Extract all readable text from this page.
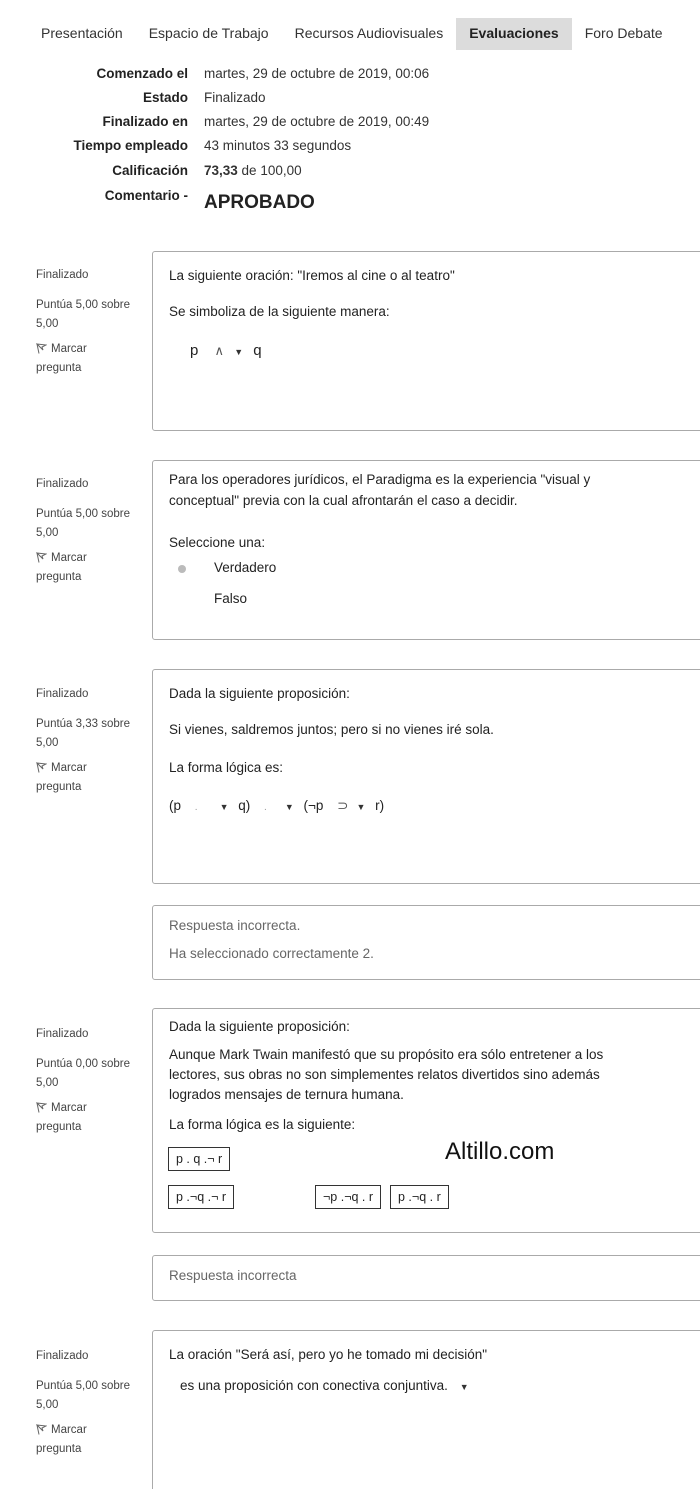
Presentación	Espacio de Trabajo	Recursos Audiovisuales	Evaluaciones	Foro Debate
Comenzado el martes, 29 de octubre de 2019, 00:06
Estado Finalizado
Finalizado en martes, 29 de octubre de 2019, 00:49
Tiempo empleado 43 minutos 33 segundos
Calificación 73,33 de 100,00
Comentario - APROBADO
Finalizado
Puntúa 5,00 sobre 5,00
Marcar
pregunta
La siguiente oración: "Iremos al cine o al teatro"
Se simboliza de la siguiente manera:
p ∧ ▼ q
Finalizado
Puntúa 5,00 sobre 5,00
Marcar
pregunta
Para los operadores jurídicos, el Paradigma es la experiencia "visual y conceptual" previa con la cual afrontarán el caso a decidir.
Seleccione una:
Verdadero
Falso
Finalizado
Puntúa 3,33 sobre 5,00
Marcar
pregunta
Dada la siguiente proposición:
Si vienes, saldremos juntos; pero si no vienes iré sola.
La forma lógica es:
(p . ▼ q) . ▼ (¬p ⊃ ▼ r)
Respuesta incorrecta.
Ha seleccionado correctamente 2.
Finalizado
Puntúa 0,00 sobre 5,00
Marcar
pregunta
Dada la siguiente proposición:
Aunque Mark Twain manifestó que su propósito era sólo entretener a los lectores, sus obras no son simplementes relatos divertidos sino además logrados mensajes de ternura humana.
La forma lógica es la siguiente:
p . q .¬ r
p .¬q .¬ r	¬p .¬q . r	p .¬q . r
Respuesta incorrecta
Finalizado
Puntúa 5,00 sobre 5,00
Marcar
pregunta
La oración "Será así, pero yo he tomado mi decisión"
es una proposición con conectiva conjuntiva. ▼
Altillo.com
